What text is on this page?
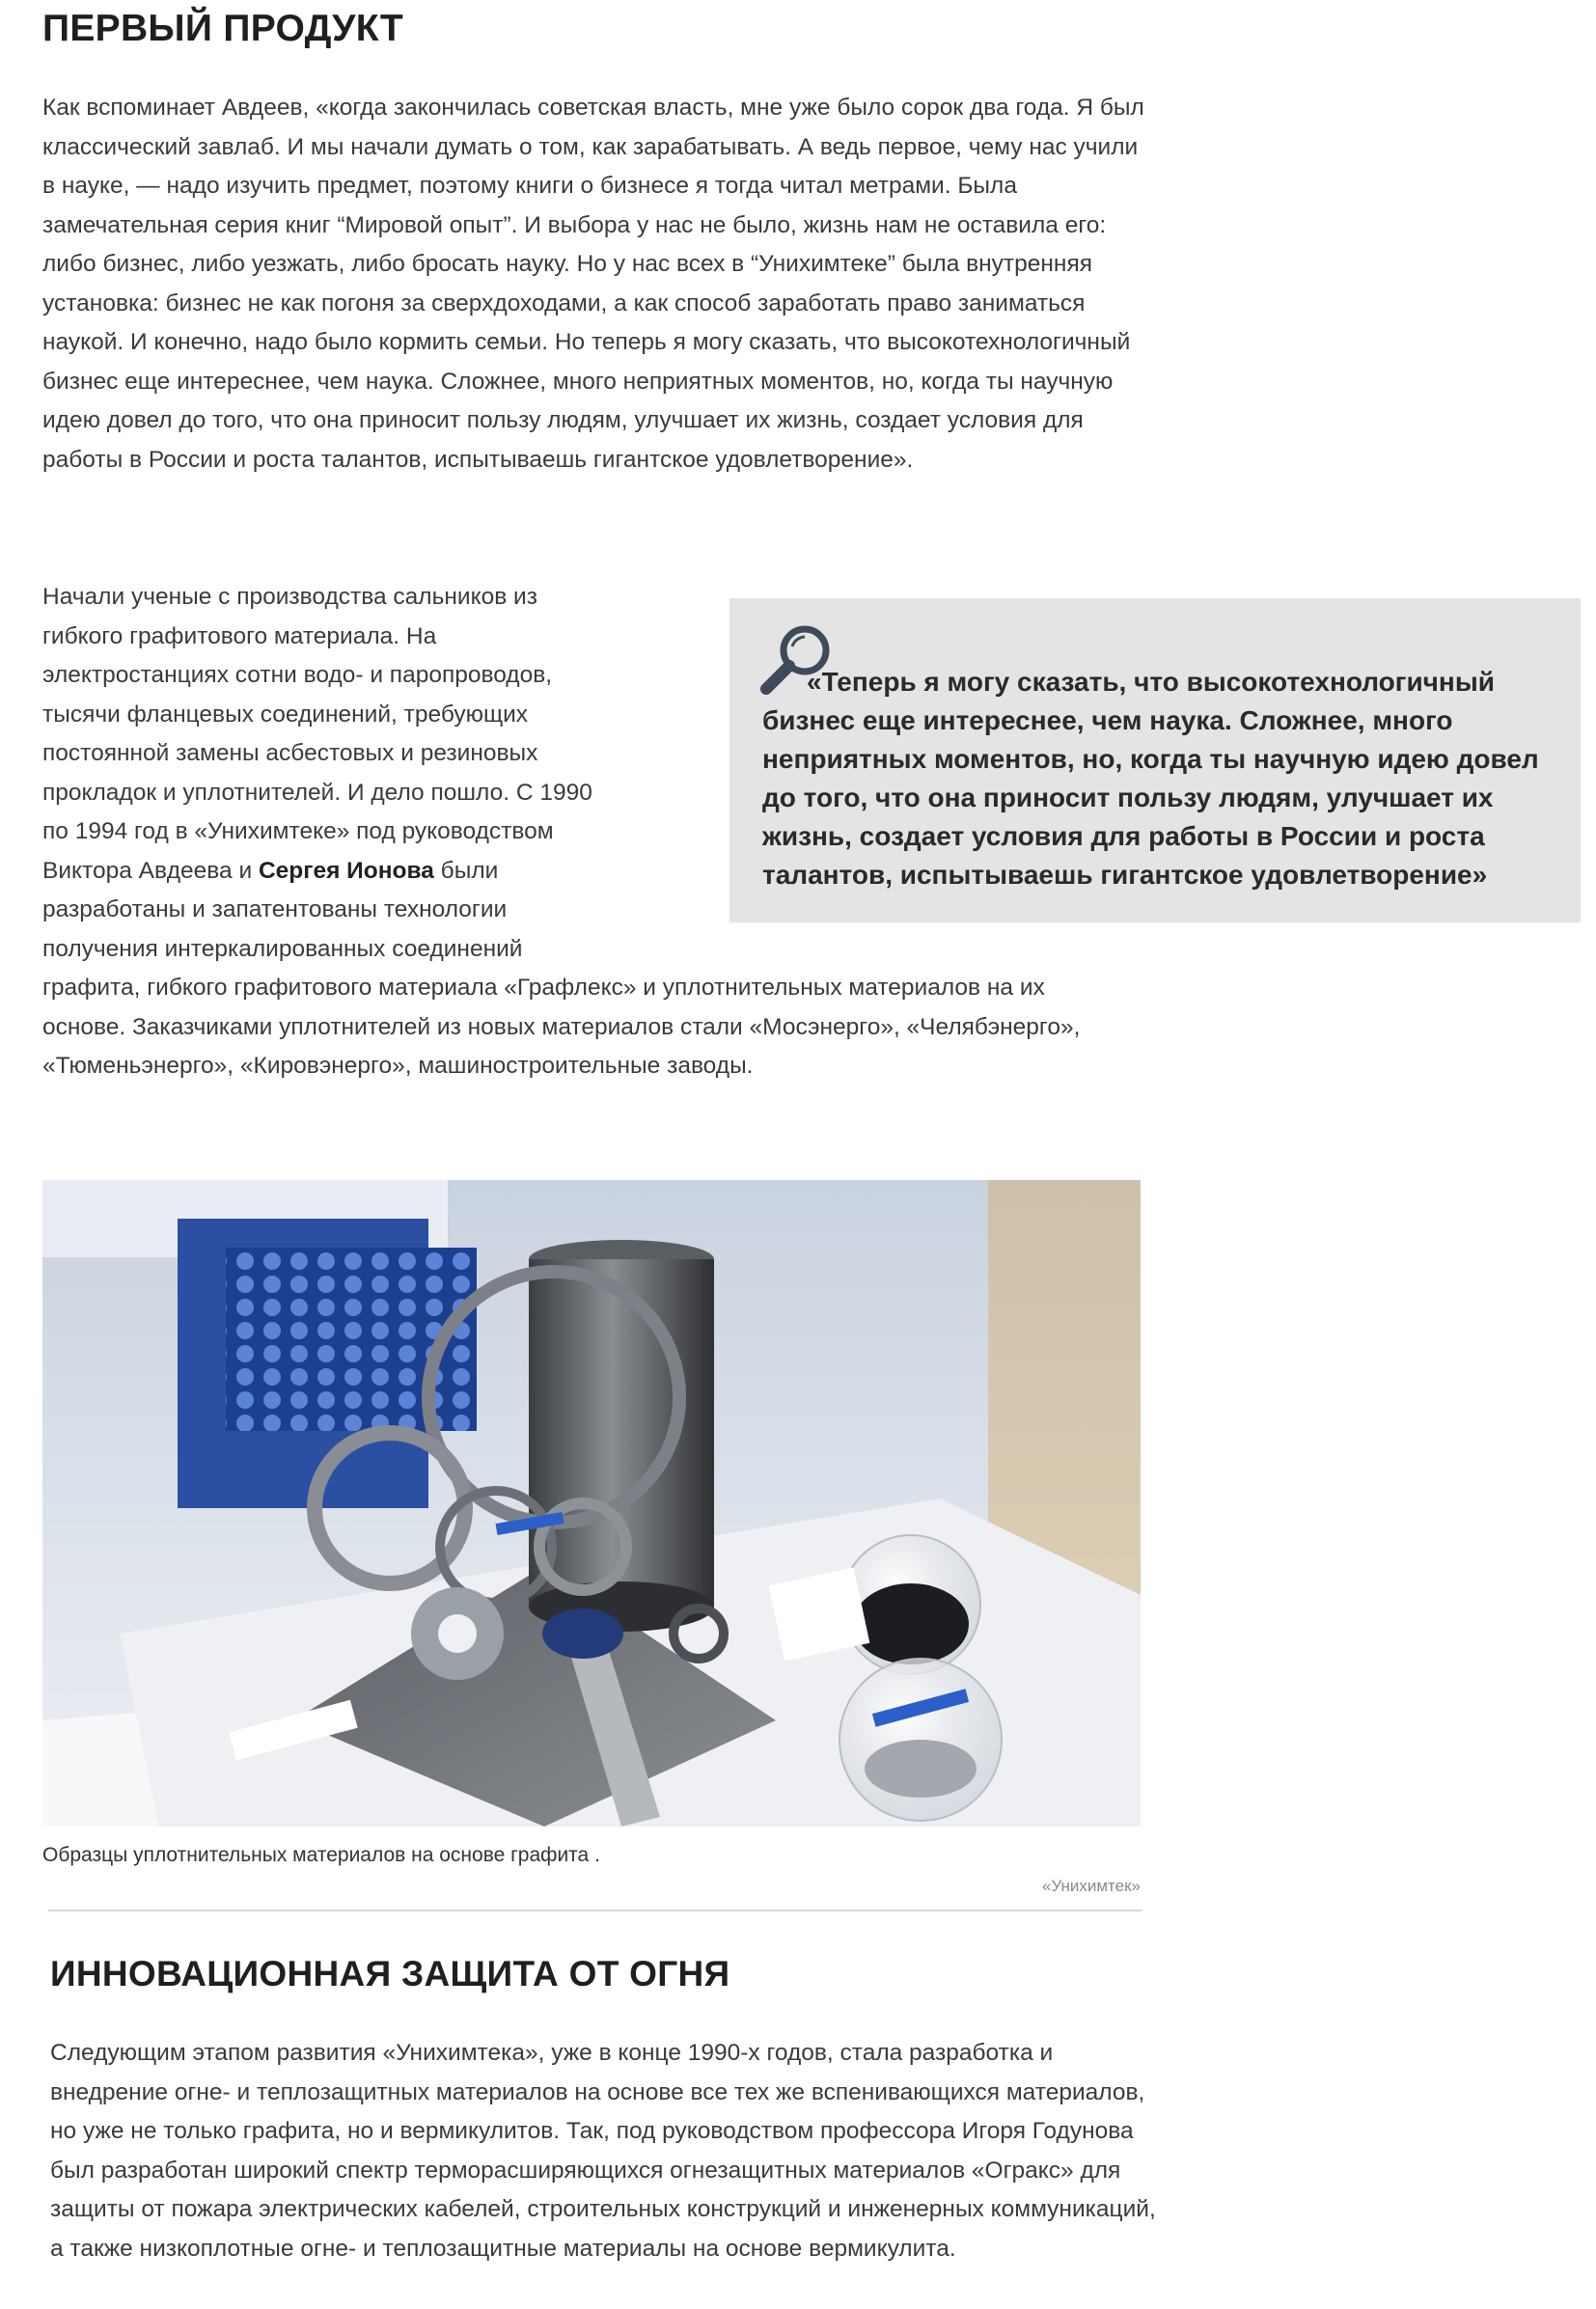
ПЕРВЫЙ ПРОДУКТ

Как вспоминает Авдеев, «когда закончилась советская власть, мне уже было сорок два года. Я был классический завлаб. И мы начали думать о том, как зарабатывать. А ведь первое, чему нас учили в науке, — надо изучить предмет, поэтому книги о бизнесе я тогда читал метрами. Была замечательная серия книг “Мировой опыт”. И выбора у нас не было, жизнь нам не оставила его: либо бизнес, либо уезжать, либо бросать науку. Но у нас всех в “Унихимтеке” была внутренняя установка: бизнес не как погоня за сверхдоходами, а как способ заработать право заниматься наукой. И конечно, надо было кормить семьи. Но теперь я могу сказать, что высокотехнологичный бизнес еще интереснее, чем наука. Сложнее, много неприятных моментов, но, когда ты научную идею довел до того, что она приносит пользу людям, улучшает их жизнь, создает условия для работы в России и роста талантов, испытываешь гигантское удовлетворение».

Начали ученые с производства сальников из гибкого графитового материала. На электростанциях сотни водо- и паропроводов, тысячи фланцевых соединений, требующих постоянной замены асбестовых и резиновых прокладок и уплотнителей. И дело пошло. С 1990 по 1994 год в «Унихимтеке» под руководством Виктора Авдеева и Сергея Ионова были разработаны и запатентованы технологии получения интеркалированных соединений графита, гибкого графитового материала «Графлекс» и уплотнительных материалов на их основе. Заказчиками уплотнителей из новых материалов стали «Мосэнерго», «Челябэнерго», «Тюменьэнерго», «Кировэнерго», машиностроительные заводы.

«Теперь я могу сказать, что высокотехнологичный бизнес еще интереснее, чем наука. Сложнее, много неприятных моментов, но, когда ты научную идею довел до того, что она приносит пользу людям, улучшает их жизнь, создает условия для работы в России и роста талантов, испытываешь гигантское удовлетворение»

Образцы уплотнительных материалов на основе графита .

«Унихимтек»

ИННОВАЦИОННАЯ ЗАЩИТА ОТ ОГНЯ

Следующим этапом развития «Унихимтека», уже в конце 1990-х годов, стала разработка и внедрение огне- и теплозащитных материалов на основе все тех же вспенивающихся материалов, но уже не только графита, но и вермикулитов. Так, под руководством профессора Игоря Годунова был разработан широкий спектр терморасширяющихся огнезащитных материалов «Огракс» для защиты от пожара электрических кабелей, строительных конструкций и инженерных коммуникаций, а также низкоплотные огне- и теплозащитные материалы на основе вермикулита.
